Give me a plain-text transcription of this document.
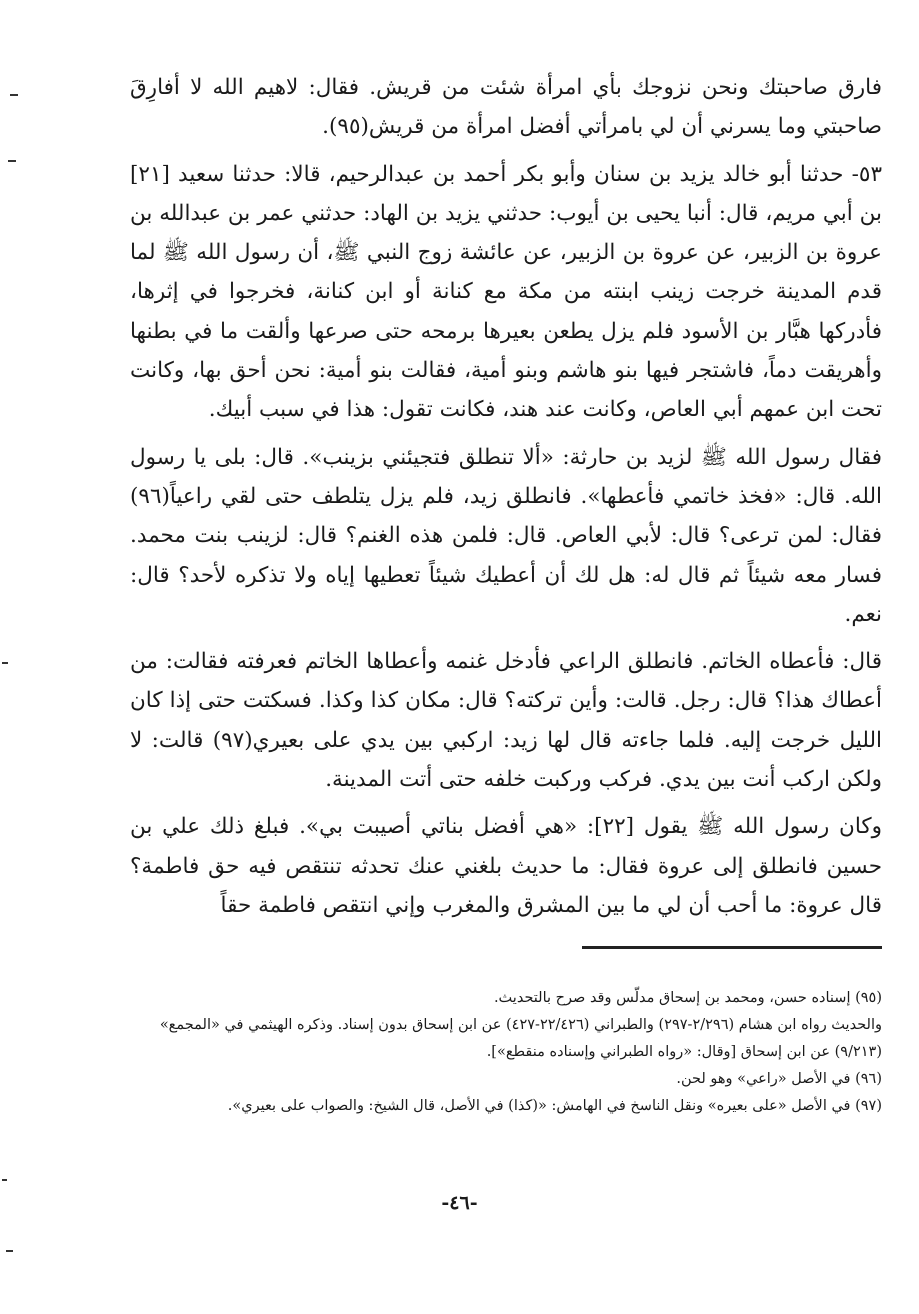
فارق صاحبتك ونحن نزوجك بأي امرأة شئت من قريش. فقال: لاهيم الله لا أفارِقَ صاحبتي وما يسرني أن لي بامرأتي أفضل امرأة من قريش(٩٥).

٥٣- حدثنا أبو خالد يزيد بن سنان وأبو بكر أحمد بن عبدالرحيم، قالا: حدثنا سعيد [٢١] بن أبي مريم، قال: أنبا يحيى بن أيوب: حدثني يزيد بن الهاد: حدثني عمر بن عبدالله بن عروة بن الزبير، عن عروة بن الزبير، عن عائشة زوج النبي ﷺ، أن رسول الله ﷺ لما قدم المدينة خرجت زينب ابنته من مكة مع كنانة أو ابن كنانة، فخرجوا في إثرها، فأدركها هبَّار بن الأسود فلم يزل يطعن بعيرها برمحه حتى صرعها وألقت ما في بطنها وأهريقت دماً، فاشتجر فيها بنو هاشم وبنو أمية، فقالت بنو أمية: نحن أحق بها، وكانت تحت ابن عمهم أبي العاص، وكانت عند هند، فكانت تقول: هذا في سبب أبيك.

فقال رسول الله ﷺ لزيد بن حارثة: «ألا تنطلق فتجيئني بزينب». قال: بلى يا رسول الله. قال: «فخذ خاتمي فأعطها». فانطلق زيد، فلم يزل يتلطف حتى لقي راعياً(٩٦) فقال: لمن ترعى؟ قال: لأبي العاص. قال: فلمن هذه الغنم؟ قال: لزينب بنت محمد. فسار معه شيئاً ثم قال له: هل لك أن أعطيك شيئاً تعطيها إياه ولا تذكره لأحد؟ قال: نعم.

قال: فأعطاه الخاتم. فانطلق الراعي فأدخل غنمه وأعطاها الخاتم فعرفته فقالت: من أعطاك هذا؟ قال: رجل. قالت: وأين تركته؟ قال: مكان كذا وكذا. فسكتت حتى إذا كان الليل خرجت إليه. فلما جاءته قال لها زيد: اركبي بين يدي على بعيري(٩٧) قالت: لا ولكن اركب أنت بين يدي. فركب وركبت خلفه حتى أتت المدينة.

وكان رسول الله ﷺ يقول [٢٢]: «هي أفضل بناتي أصيبت بي». فبلغ ذلك علي بن حسين فانطلق إلى عروة فقال: ما حديث بلغني عنك تحدثه تنتقص فيه حق فاطمة؟ قال عروة: ما أحب أن لي ما بين المشرق والمغرب وإني انتقص فاطمة حقاً

(٩٥) إسناده حسن، ومحمد بن إسحاق مدلّس وقد صرح بالتحديث.

والحديث رواه ابن هشام (٢/٢٩٦-٢٩٧) والطبراني (٢٢/٤٢٦-٤٢٧) عن ابن إسحاق بدون إسناد. وذكره الهيثمي في «المجمع» (٩/٢١٣) عن ابن إسحاق [وقال: «رواه الطبراني وإسناده منقطع»].

(٩٦) في الأصل «راعي» وهو لحن.

(٩٧) في الأصل «على بعيره» ونقل الناسخ في الهامش: «(كذا) في الأصل، قال الشيخ: والصواب على بعيري».

-٤٦-
